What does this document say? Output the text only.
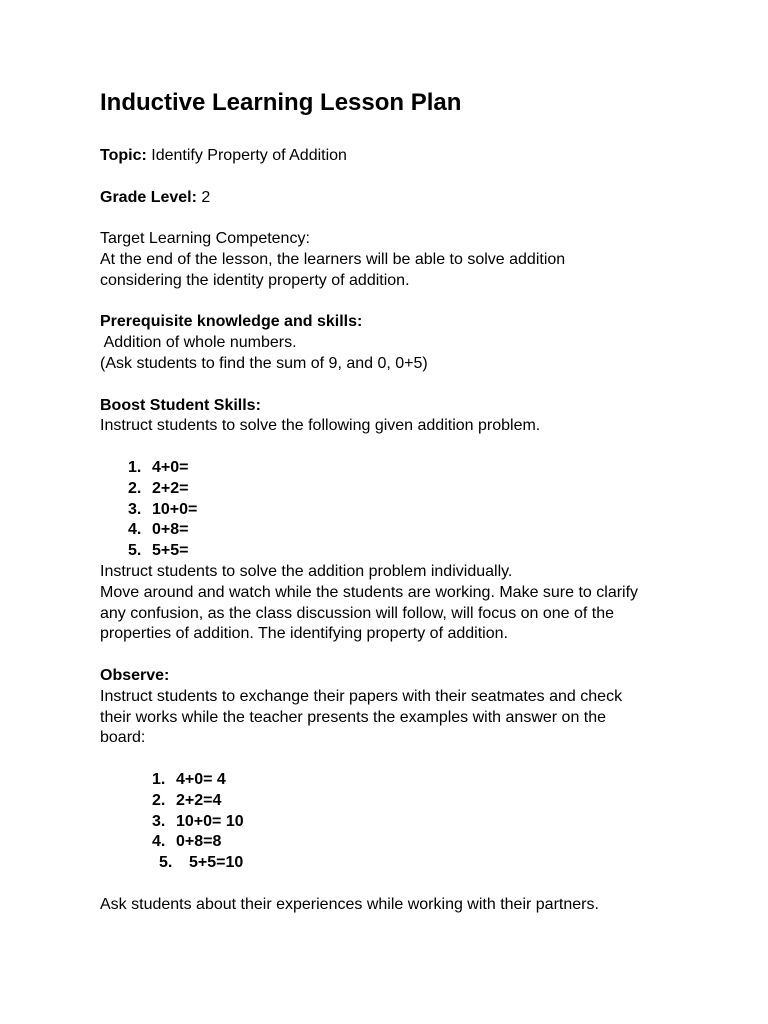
Inductive Learning Lesson Plan
Topic: Identify Property of Addition
Grade Level: 2
Target Learning Competency:
At the end of the lesson, the learners will be able to solve addition
considering the identity property of addition.
Prerequisite knowledge and skills:
Addition of whole numbers.
(Ask students to find the sum of 9, and 0, 0+5)
Boost Student Skills:
Instruct students to solve the following given addition problem.
1. 4+0=
2. 2+2=
3. 10+0=
4. 0+8=
5. 5+5=
Instruct students to solve the addition problem individually.
Move around and watch while the students are working. Make sure to clarify
any confusion, as the class discussion will follow, will focus on one of the
properties of addition. The identifying property of addition.
Observe:
Instruct students to exchange their papers with their seatmates and check
their works while the teacher presents the examples with answer on the
board:
1. 4+0= 4
2. 2+2=4
3. 10+0= 10
4. 0+8=8
5. 5+5=10
Ask students about their experiences while working with their partners.
